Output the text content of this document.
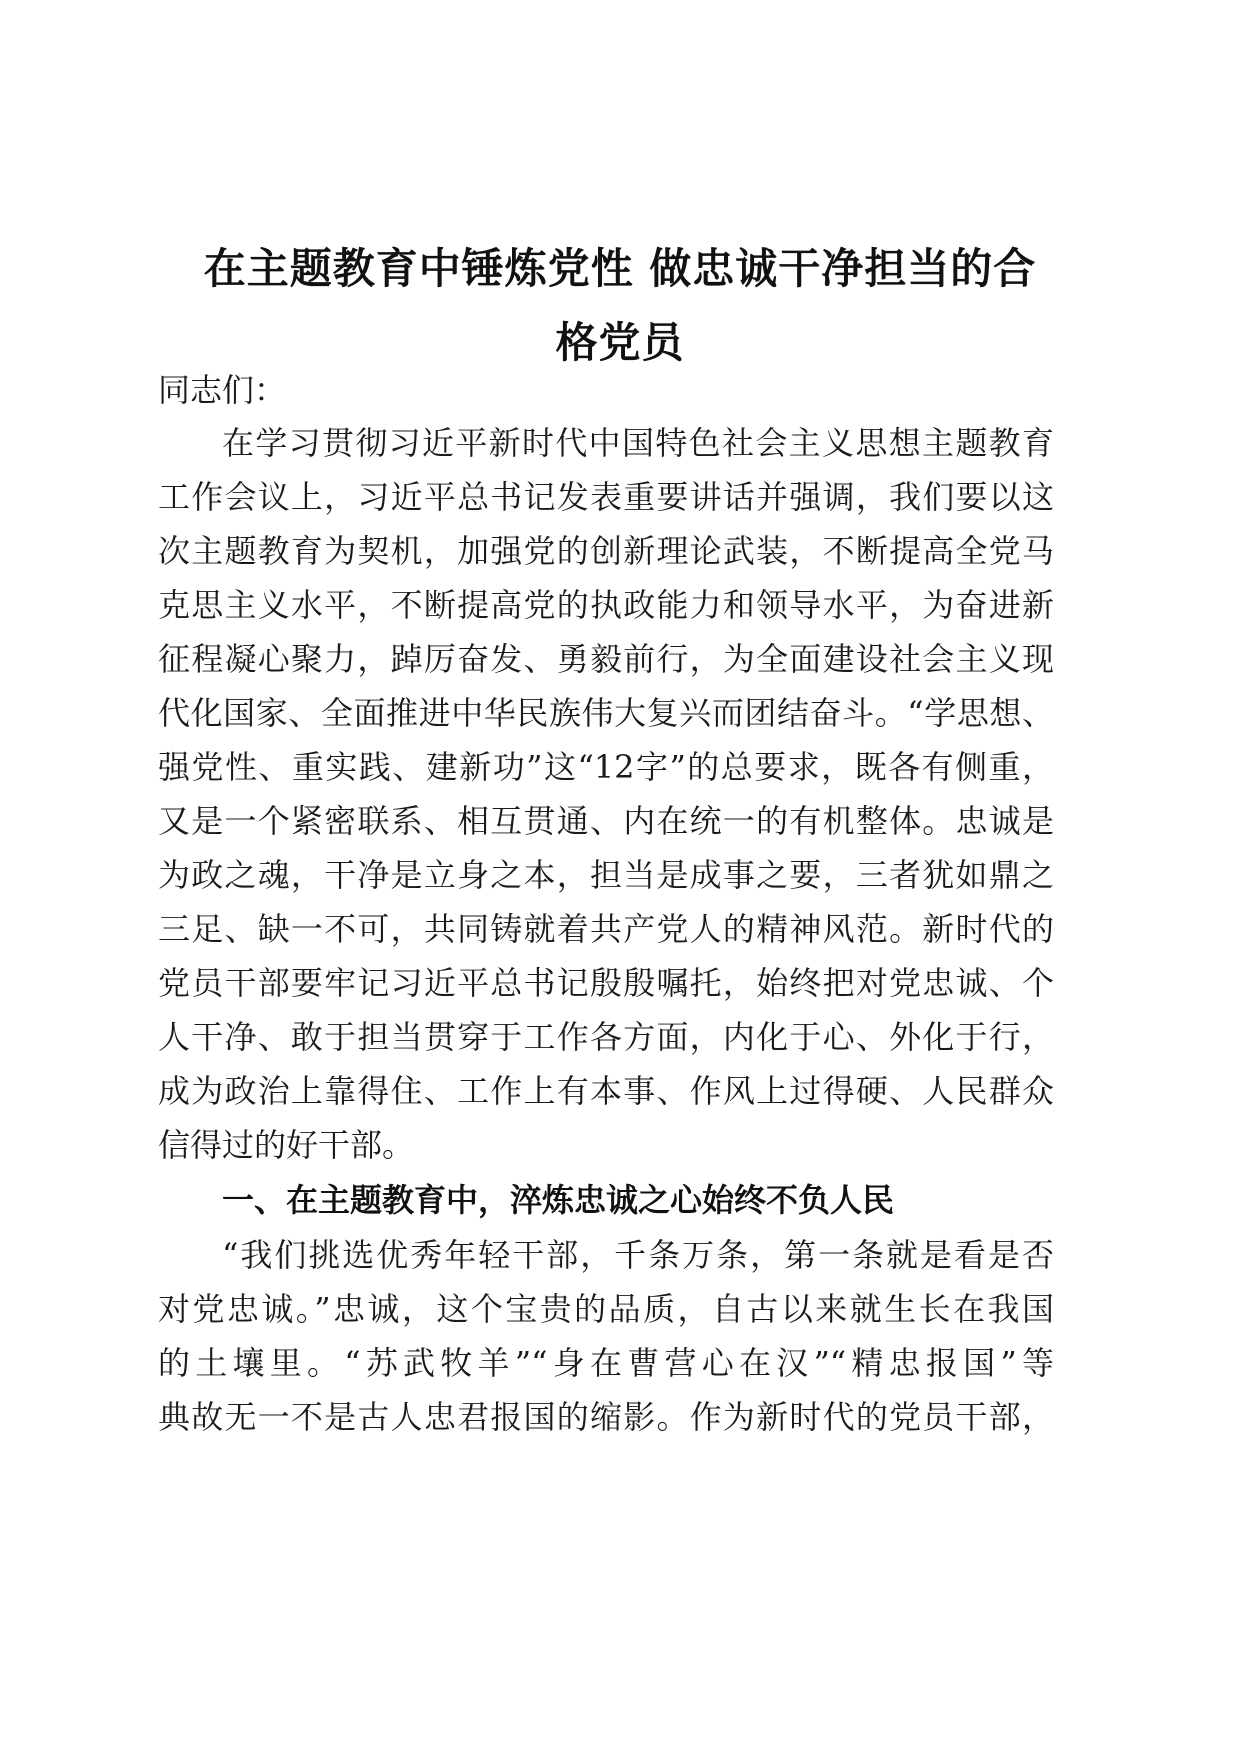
在主题教育中锤炼党性 做忠诚干净担当的合
格党员
同志们：
在学习贯彻习近平新时代中国特色社会主义思想主题教育
工作会议上，习近平总书记发表重要讲话并强调，我们要以这
次主题教育为契机，加强党的创新理论武装，不断提高全党马
克思主义水平，不断提高党的执政能力和领导水平，为奋进新
征程凝心聚力，踔厉奋发、勇毅前行，为全面建设社会主义现
代化国家、全面推进中华民族伟大复兴而团结奋斗。“学思想、
强党性、重实践、建新功”这“12字”的总要求，既各有侧重，
又是一个紧密联系、相互贯通、内在统一的有机整体。忠诚是
为政之魂，干净是立身之本，担当是成事之要，三者犹如鼎之
三足、缺一不可，共同铸就着共产党人的精神风范。新时代的
党员干部要牢记习近平总书记殷殷嘱托，始终把对党忠诚、个
人干净、敢于担当贯穿于工作各方面，内化于心、外化于行，
成为政治上靠得住、工作上有本事、作风上过得硬、人民群众
信得过的好干部。
一、在主题教育中，淬炼忠诚之心始终不负人民
“我们挑选优秀年轻干部，千条万条，第一条就是看是否
对党忠诚。”忠诚，这个宝贵的品质，自古以来就生长在我国
的土壤里。“苏武牧羊”“身在曹营心在汉”“精忠报国”等
典故无一不是古人忠君报国的缩影。作为新时代的党员干部，
